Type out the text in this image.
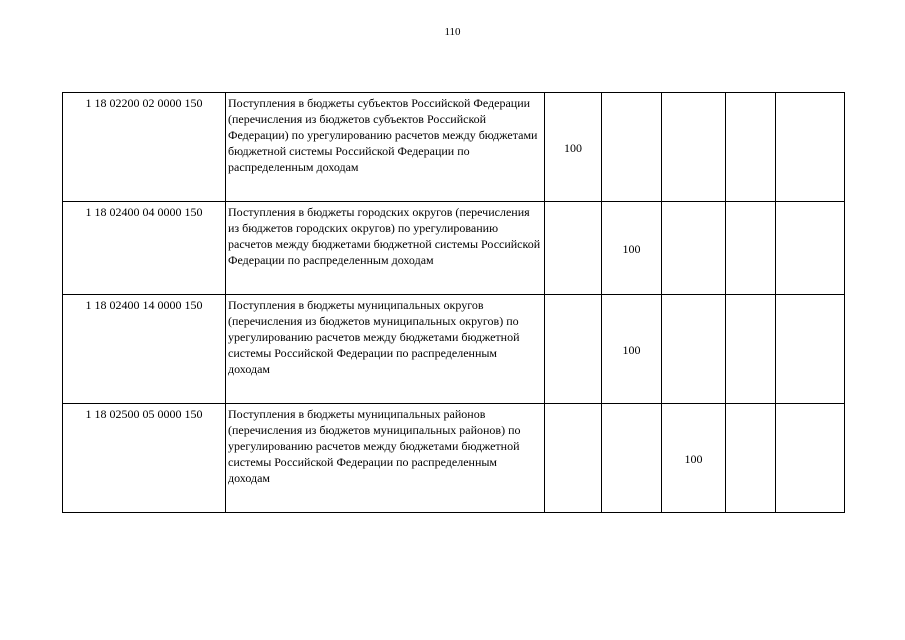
110
1 18 02200 02 0000 150	Поступления в бюджеты субъектов Российской Федерации (перечисления из бюджетов субъектов Российской Федерации) по урегулированию расчетов между бюджетами бюджетной системы Российской Федерации по распределенным доходам	100				
1 18 02400 04 0000 150	Поступления в бюджеты городских округов (перечисления из бюджетов городских округов) по урегулированию расчетов между бюджетами бюджетной системы Российской Федерации по распределенным доходам		100			
1 18 02400 14 0000 150	Поступления в бюджеты муниципальных округов (перечисления из бюджетов муниципальных округов) по урегулированию расчетов между бюджетами бюджетной системы Российской Федерации по распределенным доходам		100			
1 18 02500 05 0000 150	Поступления в бюджеты муниципальных районов (перечисления из бюджетов муниципальных районов) по урегулированию расчетов между бюджетами бюджетной системы Российской Федерации по распределенным доходам			100		
